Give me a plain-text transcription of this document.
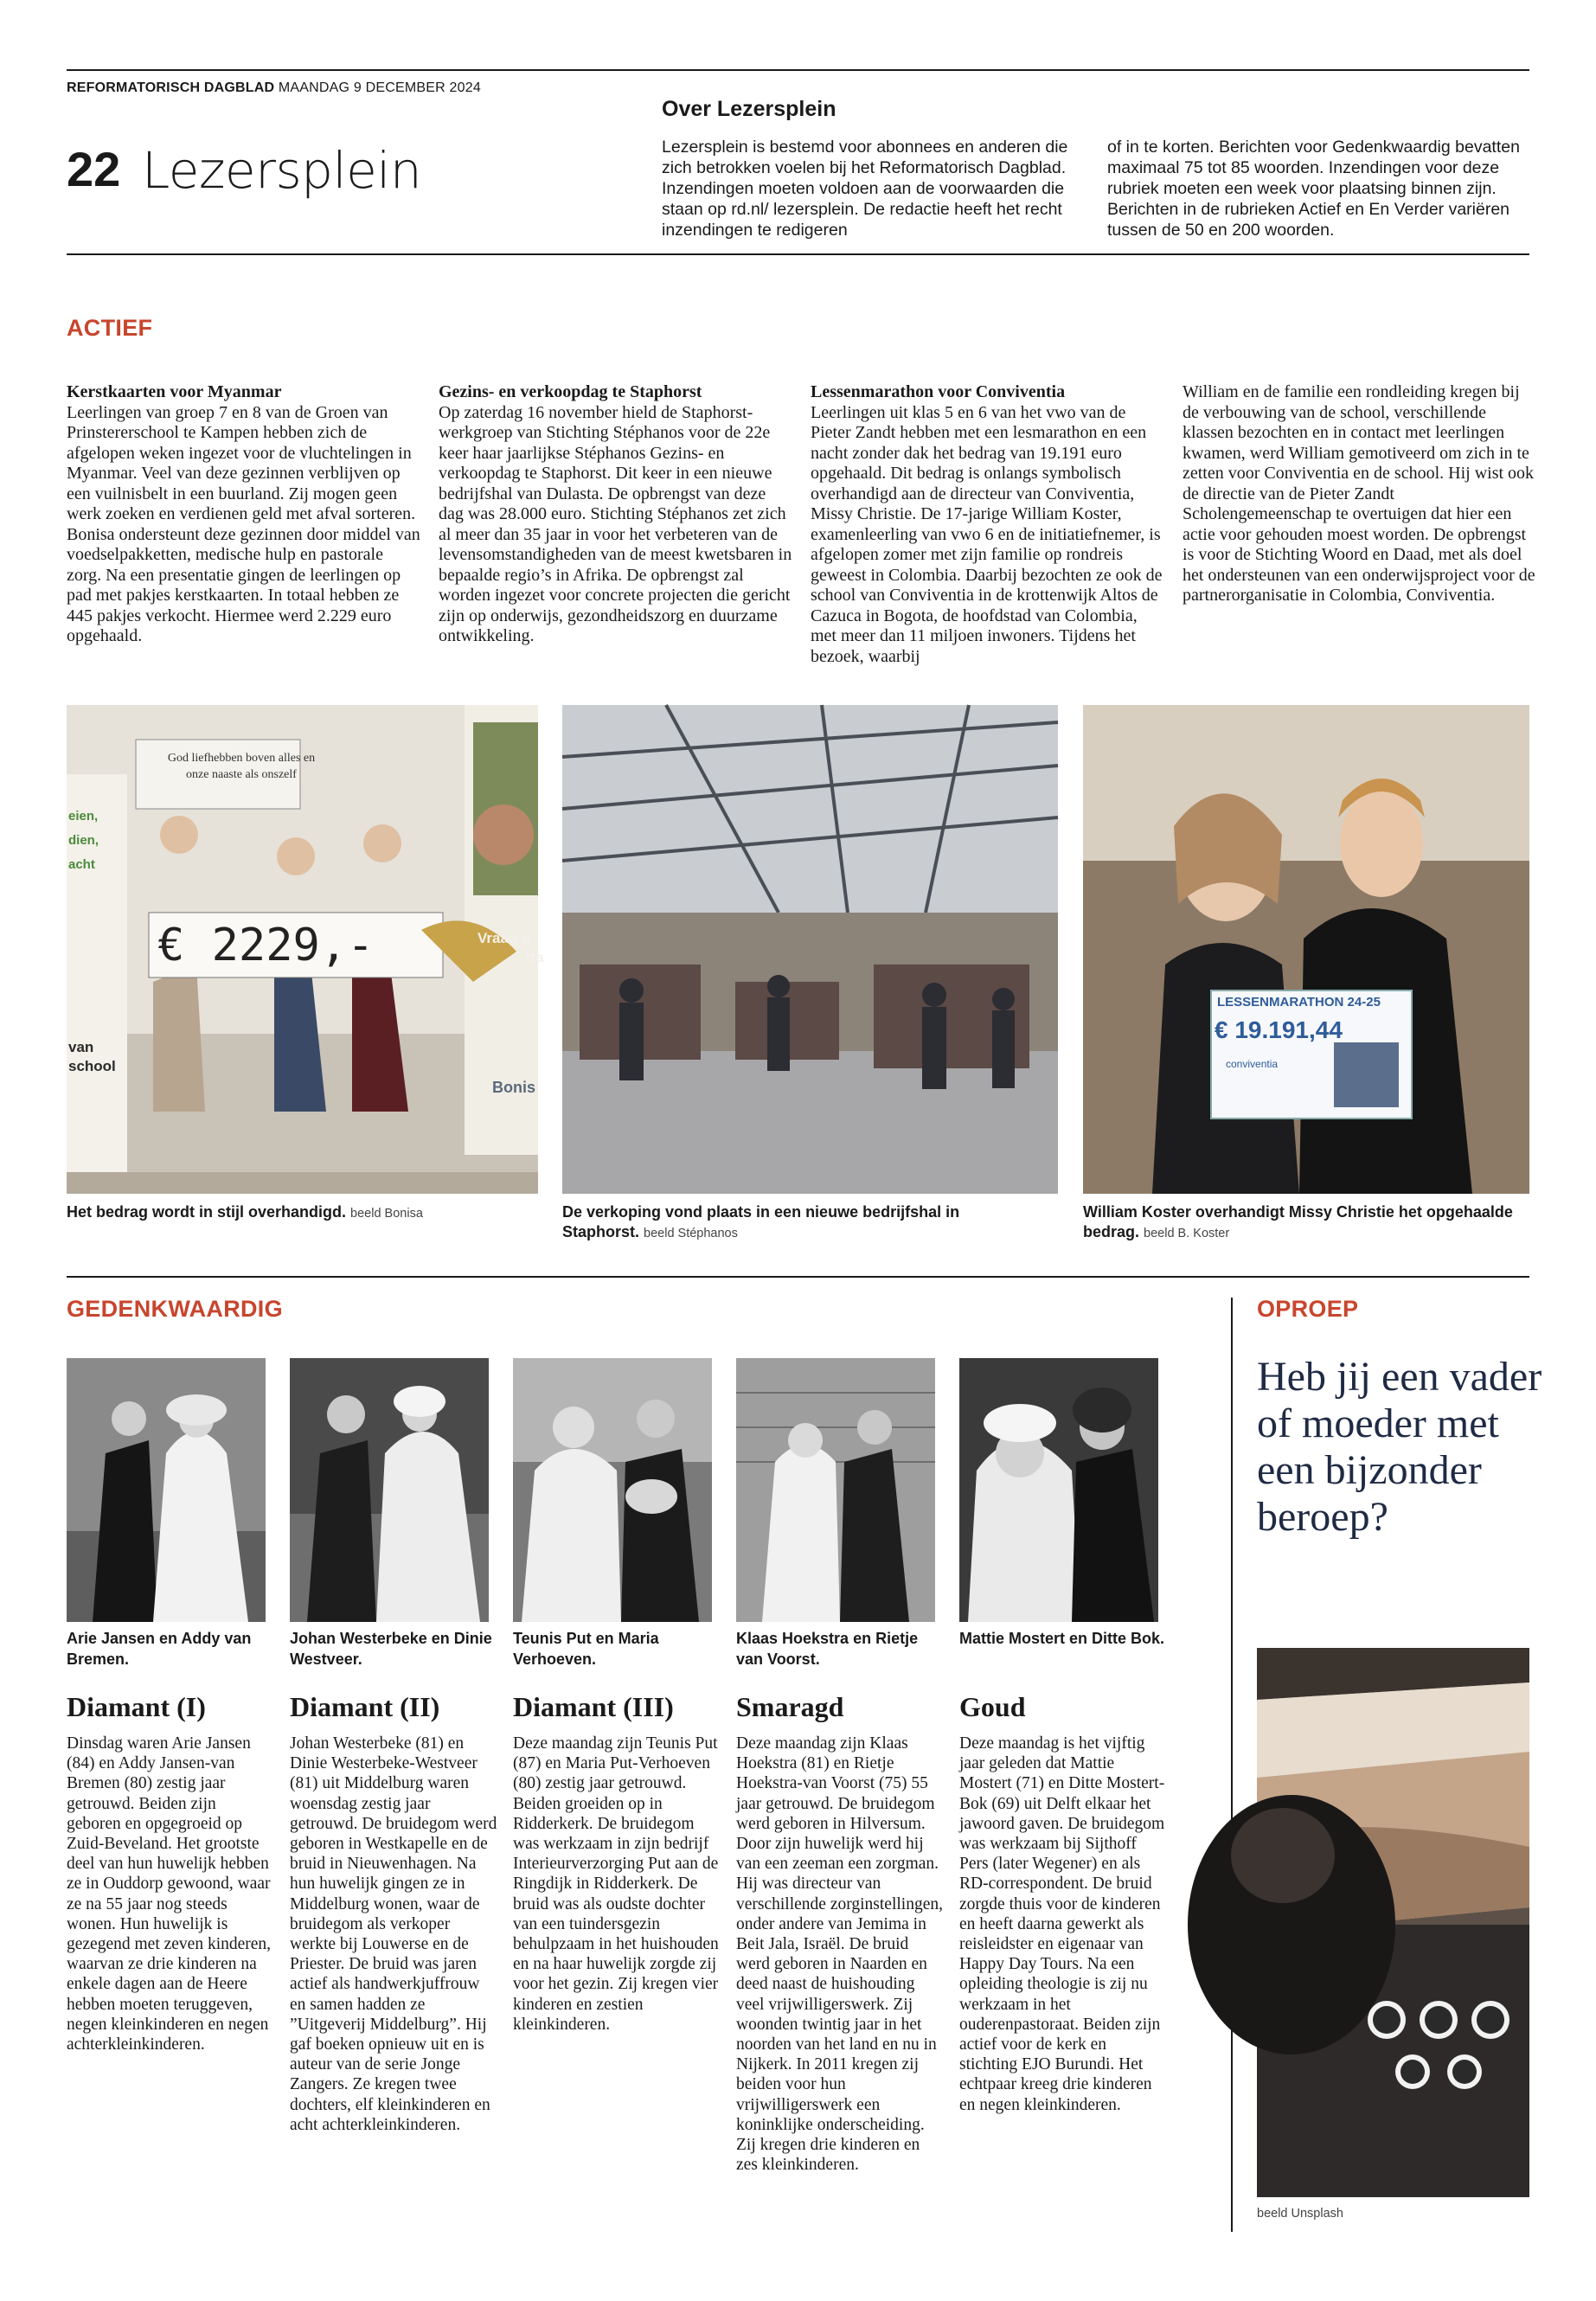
REFORMATORISCH DAGBLAD MAANDAG 9 DECEMBER 2024
22 Lezersplein
Over Lezersplein
Lezersplein is bestemd voor abonnees en anderen die zich betrokken voelen bij het Reformatorisch Dagblad. Inzendingen moeten voldoen aan de voorwaarden die staan op rd.nl/ lezersplein. De redactie heeft het recht inzendingen te redigeren
of in te korten. Berichten voor Gedenkwaardig bevatten maximaal 75 tot 85 woorden. Inzendingen voor deze rubriek moeten een week voor plaatsing binnen zijn. Berichten in de rubrieken Actief en En Verder variëren tussen de 50 en 200 woorden.
ACTIEF
Kerstkaarten voor Myanmar
Leerlingen van groep 7 en 8 van de Groen van Prinstererschool te Kampen hebben zich de afgelopen weken ingezet voor de vluchtelingen in Myanmar. Veel van deze gezinnen verblijven op een vuilnisbelt in een buurland. Zij mogen geen werk zoeken en verdienen geld met afval sorteren. Bonisa ondersteunt deze gezinnen door middel van voedselpakketten, medische hulp en pastorale zorg. Na een presentatie gingen de leerlingen op pad met pakjes kerstkaarten. In totaal hebben ze 445 pakjes verkocht. Hiermee werd 2.229 euro opgehaald.
Gezins- en verkoopdag te Staphorst
Op zaterdag 16 november hield de Staphorst-werkgroep van Stichting Stéphanos voor de 22e keer haar jaarlijkse Stéphanos Gezins- en verkoopdag te Staphorst. Dit keer in een nieuwe bedrijfshal van Dulasta. De opbrengst van deze dag was 28.000 euro. Stichting Stéphanos zet zich al meer dan 35 jaar in voor het verbeteren van de levensomstandigheden van de meest kwetsbaren in bepaalde regio’s in Afrika. De opbrengst zal worden ingezet voor concrete projecten die gericht zijn op onderwijs, gezondheidszorg en duurzame ontwikkeling.
Lessenmarathon voor Conviventia
Leerlingen uit klas 5 en 6 van het vwo van de Pieter Zandt hebben met een lesmarathon en een nacht zonder dak het bedrag van 19.191 euro opgehaald. Dit bedrag is onlangs symbolisch overhandigd aan de directeur van Conviventia, Missy Christie. De 17-jarige William Koster, examenleerling van vwo 6 en de initiatiefnemer, is afgelopen zomer met zijn familie op rondreis geweest in Colombia. Daarbij bezochten ze ook de school van Conviventia in de krottenwijk Altos de Cazuca in Bogota, de hoofdstad van Colombia, met meer dan 11 miljoen inwoners. Tijdens het bezoek, waarbij
William en de familie een rondleiding kregen bij de verbouwing van de school, verschillende klassen bezochten en in contact met leerlingen kwamen, werd William gemotiveerd om zich in te zetten voor Conviventia en de school. Hij wist ook de directie van de Pieter Zandt Scholengemeenschap te overtuigen dat hier een actie voor gehouden moest worden. De opbrengst is voor de Stichting Woord en Daad, met als doel het ondersteunen van een onderwijsproject voor de partnerorganisatie in Colombia, Conviventia.
God liefhebben boven alles en onze naaste als onszelf
€ 2229,-
eien, dien, acht
van school
Vraag o
rta
Bonis
Het bedrag wordt in stijl overhandigd. beeld Bonisa	De verkoping vond plaats in een nieuwe bedrijfshal in Staphorst. beeld Stéphanos
LESSENMARATHON 24-25
€ 19.191,44
conviventia
William Koster overhandigt Missy Christie het opgehaalde bedrag. beeld B. Koster
GEDENKWAARDIG
Arie Jansen en Addy van Bremen.
Diamant (I)
Dinsdag waren Arie Jansen (84) en Addy Jansen-van Bremen (80) zestig jaar getrouwd. Beiden zijn geboren en opgegroeid op Zuid-Beveland. Het grootste deel van hun huwelijk hebben ze in Ouddorp gewoond, waar ze na 55 jaar nog steeds wonen. Hun huwelijk is gezegend met zeven kinderen, waarvan ze drie kinderen na enkele dagen aan de Heere hebben moeten teruggeven, negen kleinkinderen en negen achterkleinkinderen.
Johan Westerbeke en Dinie Westveer.
Diamant (II)
Johan Westerbeke (81) en Dinie Westerbeke-Westveer (81) uit Middelburg waren woensdag zestig jaar getrouwd. De bruidegom werd geboren in Westkapelle en de bruid in Nieuwenhagen. Na hun huwelijk gingen ze in Middelburg wonen, waar de bruidegom als verkoper werkte bij Louwerse en de Priester. De bruid was jaren actief als handwerkjuffrouw en samen hadden ze ”Uitgeverij Middelburg”. Hij gaf boeken opnieuw uit en is auteur van de serie Jonge Zangers. Ze kregen twee dochters, elf kleinkinderen en acht achterkleinkinderen.
Teunis Put en Maria Verhoeven.
Diamant (III)
Deze maandag zijn Teunis Put (87) en Maria Put-Verhoeven (80) zestig jaar getrouwd. Beiden groeiden op in Ridderkerk. De bruidegom was werkzaam in zijn bedrijf Interieurverzorging Put aan de Ringdijk in Ridderkerk. De bruid was als oudste dochter van een tuindersgezin behulpzaam in het huishouden en na haar huwelijk zorgde zij voor het gezin. Zij kregen vier kinderen en zestien kleinkinderen.
Klaas Hoekstra en Rietje van Voorst.
Smaragd
Deze maandag zijn Klaas Hoekstra (81) en Rietje Hoekstra-van Voorst (75) 55 jaar getrouwd. De bruidegom werd geboren in Hilversum. Door zijn huwelijk werd hij van een zeeman een zorgman. Hij was directeur van verschillende zorginstellingen, onder andere van Jemima in Beit Jala, Israël. De bruid werd geboren in Naarden en deed naast de huishouding veel vrijwilligerswerk. Zij woonden twintig jaar in het noorden van het land en nu in Nijkerk. In 2011 kregen zij beiden voor hun vrijwilligerswerk een koninklijke onderscheiding. Zij kregen drie kinderen en zes kleinkinderen.
Mattie Mostert en Ditte Bok.
Goud
Deze maandag is het vijftig jaar geleden dat Mattie Mostert (71) en Ditte Mostert-Bok (69) uit Delft elkaar het jawoord gaven. De bruidegom was werkzaam bij Sijthoff Pers (later Wegener) en als RD-correspondent. De bruid zorgde thuis voor de kinderen en heeft daarna gewerkt als reisleidster en eigenaar van Happy Day Tours. Na een opleiding theologie is zij nu werkzaam in het ouderenpastoraat. Beiden zijn actief voor de kerk en stichting EJO Burundi. Het echtpaar kreeg drie kinderen en negen kleinkinderen.
OPROEP
Heb jij een vader of moeder met een bijzonder beroep?
beeld Unsplash
